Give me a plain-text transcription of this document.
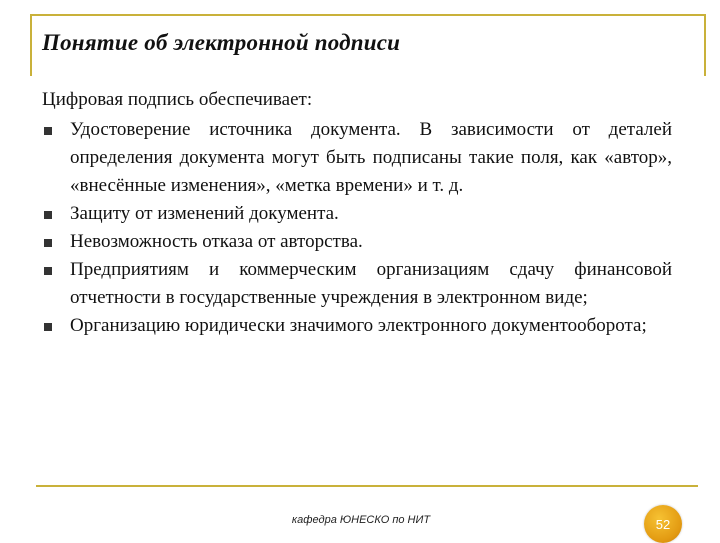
Понятие об электронной подписи

Цифровая подпись обеспечивает:

Удостоверение источника документа. В зависимости от деталей определения документа могут быть подписаны такие поля, как «автор», «внесённые изменения», «метка времени» и т. д.
Защиту от изменений документа.
Невозможность отказа от авторства.
Предприятиям и коммерческим организациям сдачу финансовой отчетности в государственные учреждения в электронном виде;
Организацию юридически значимого электронного документооборота;
кафедра ЮНЕСКО по НИТ	52
